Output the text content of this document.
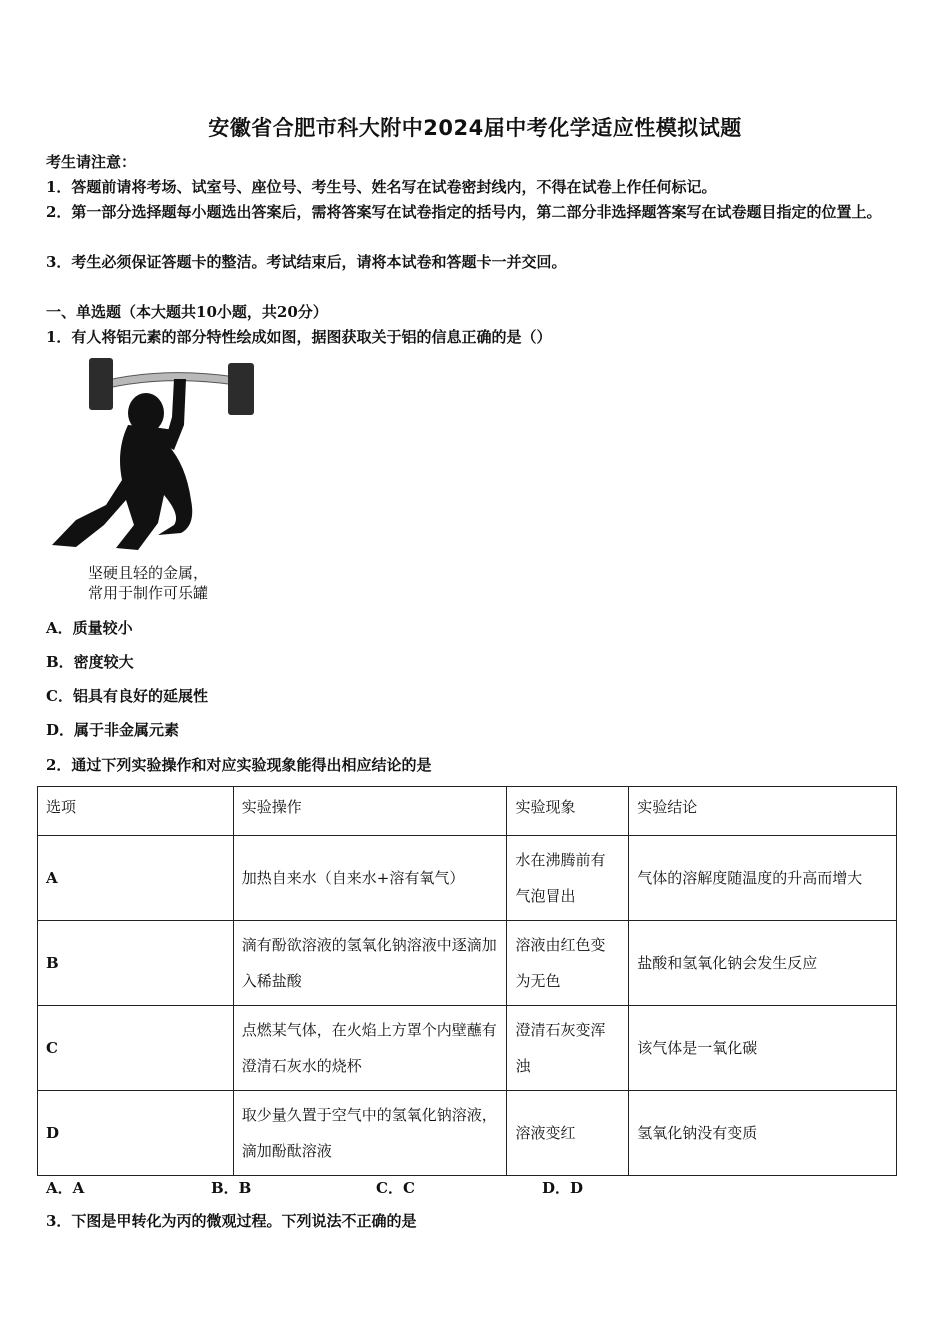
安徽省合肥市科大附中2024届中考化学适应性模拟试题
考生请注意：
1．答题前请将考场、试室号、座位号、考生号、姓名写在试卷密封线内，不得在试卷上作任何标记。
2．第一部分选择题每小题选出答案后，需将答案写在试卷指定的括号内，第二部分非选择题答案写在试卷题目指定的位置上。
3．考生必须保证答题卡的整洁。考试结束后，请将本试卷和答题卡一并交回。
一、单选题（本大题共10小题，共20分）
1．有人将铝元素的部分特性绘成如图，据图获取关于铝的信息正确的是（）
坚硬且轻的金属，
常用于制作可乐罐
A．质量较小
B．密度较大
C．铝具有良好的延展性
D．属于非金属元素
2．通过下列实验操作和对应实验现象能得出相应结论的是
选项	实验操作	实验现象	实验结论
A	加热自来水（自来水+溶有氧气）	水在沸腾前有气泡冒出	气体的溶解度随温度的升高而增大
B	滴有酚欲溶液的氢氧化钠溶液中逐滴加入稀盐酸	溶液由红色变为无色	盐酸和氢氧化钠会发生反应
C	点燃某气体，在火焰上方罩个内壁蘸有澄清石灰水的烧杯	澄清石灰变浑浊	该气体是一氧化碳
D	取少量久置于空气中的氢氧化钠溶液，滴加酚酞溶液	溶液变红	氢氧化钠没有变质
A．A	B．B	C．C	D．D
3．下图是甲转化为丙的微观过程。下列说法不正确的是
